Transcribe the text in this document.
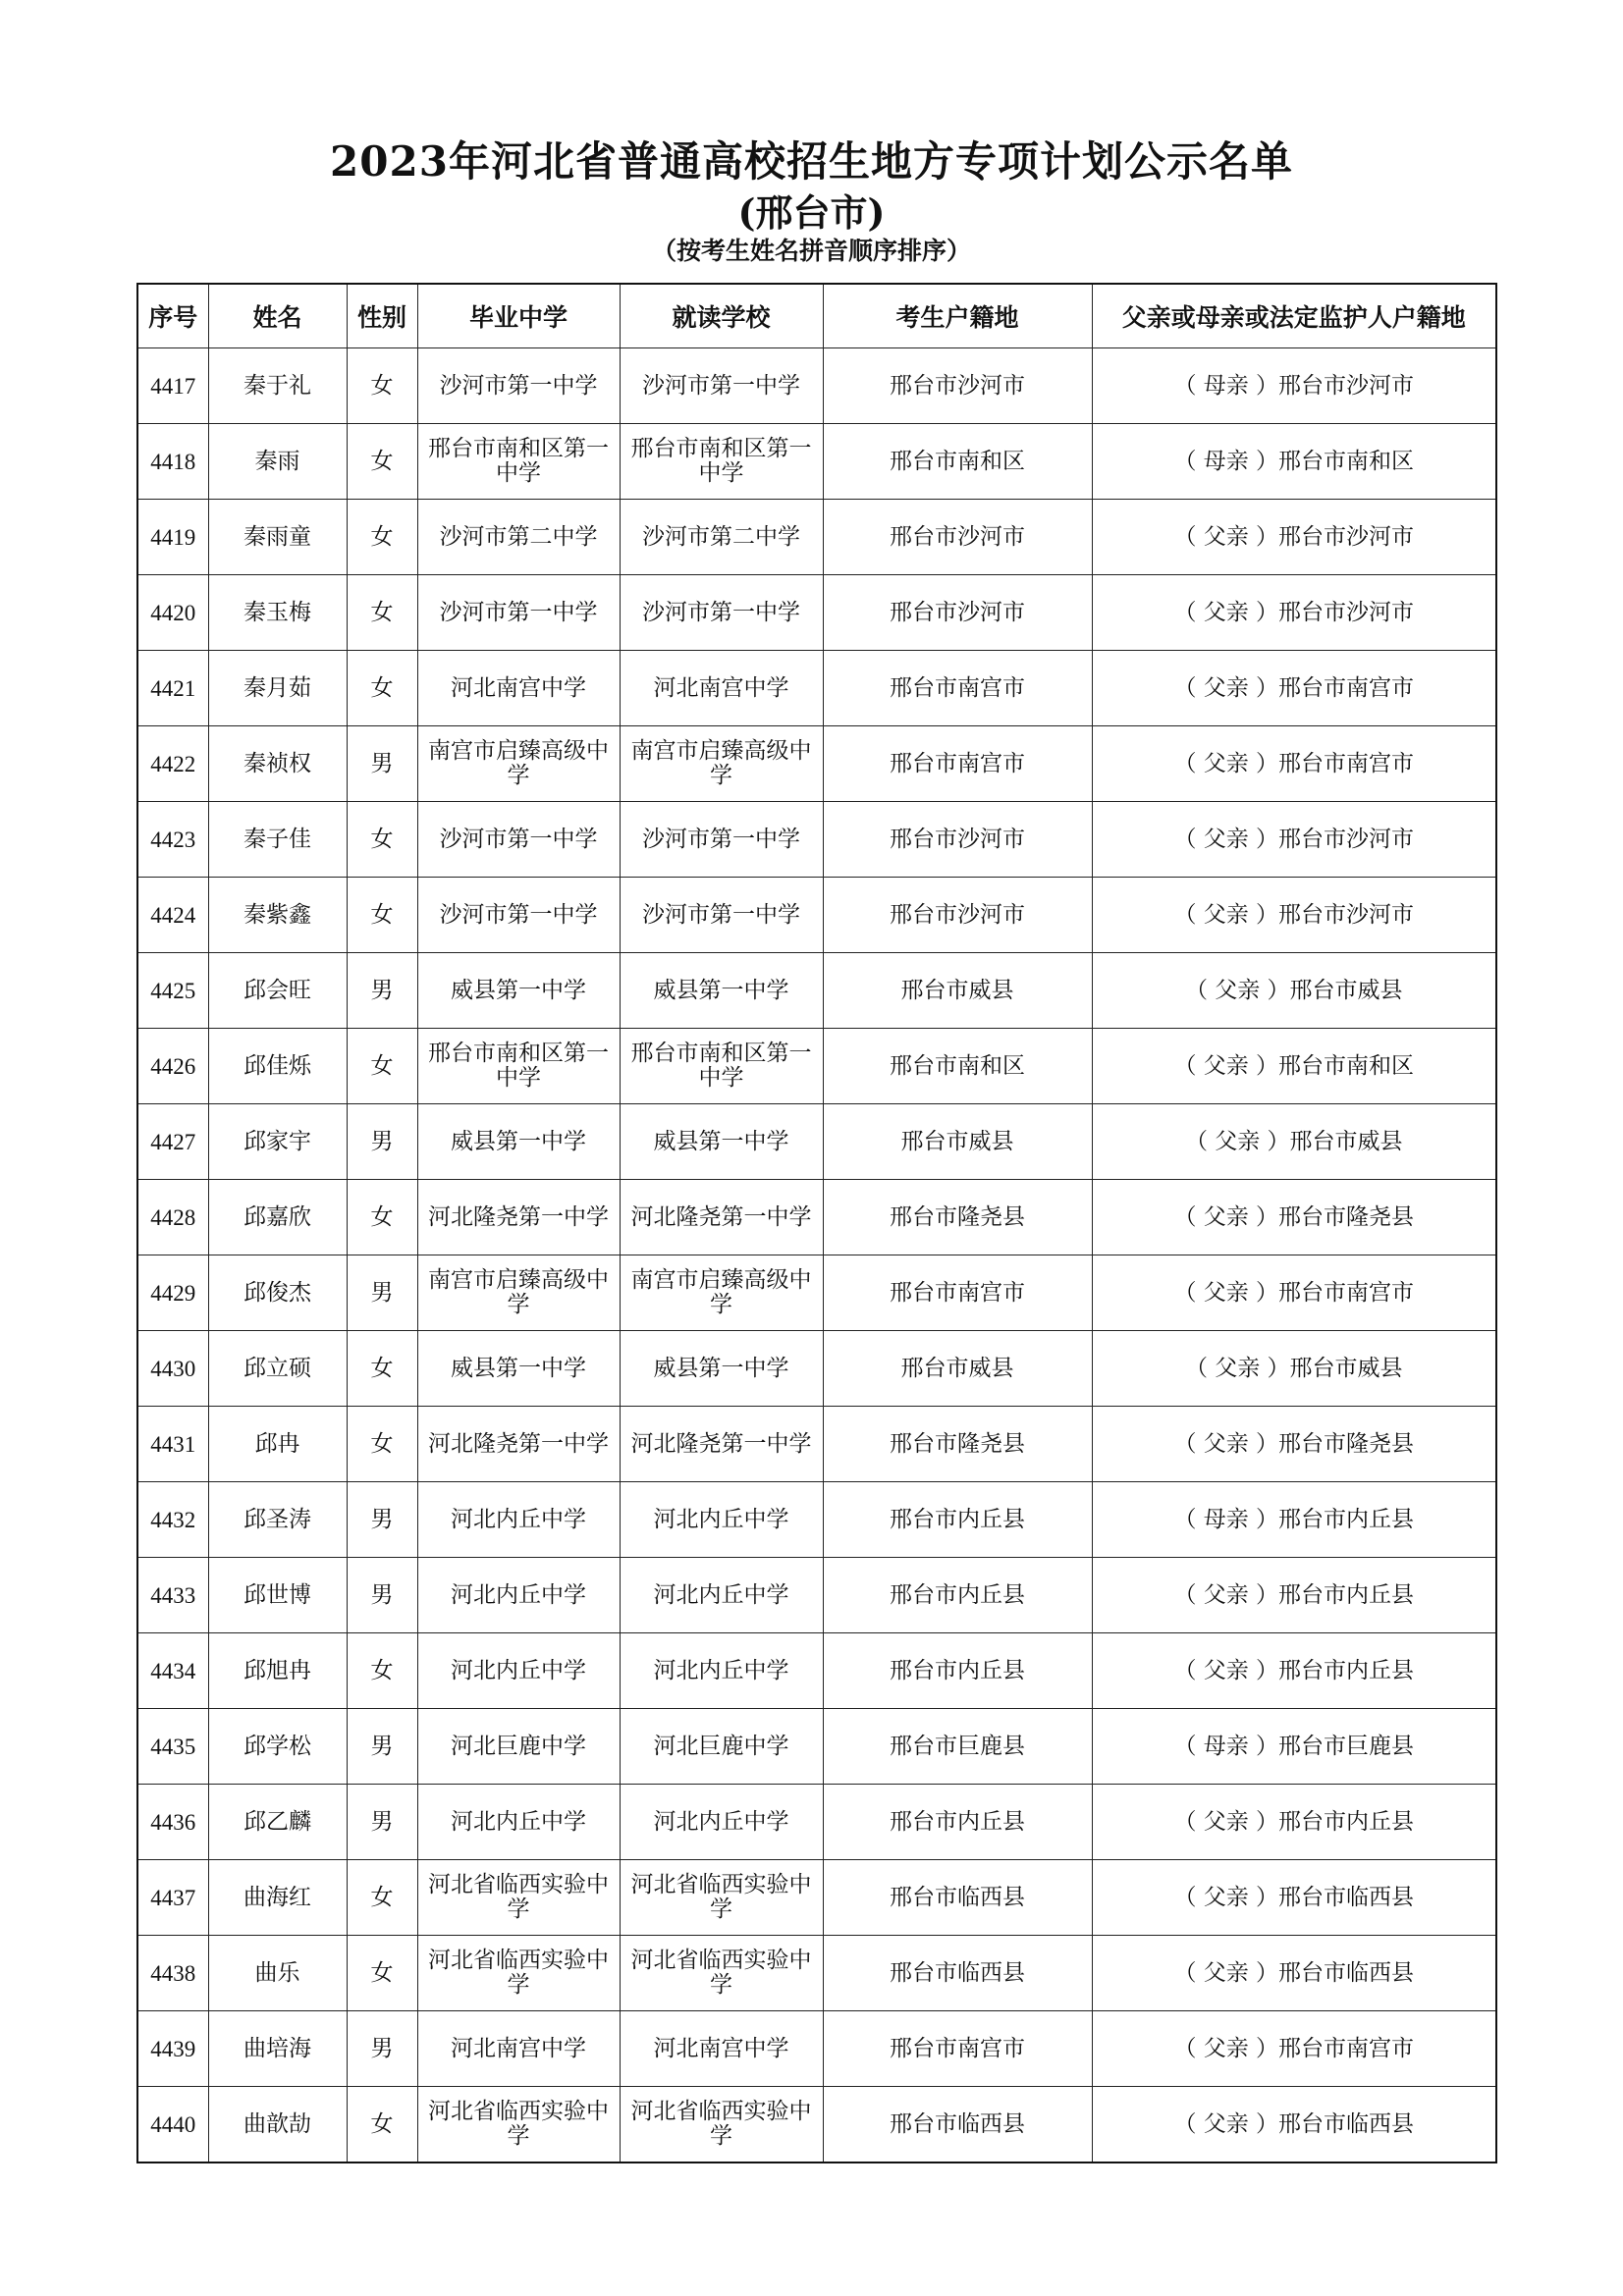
2023年河北省普通高校招生地方专项计划公示名单
(邢台市)
（按考生姓名拼音顺序排序）
序号	姓名	性别	毕业中学	就读学校	考生户籍地	父亲或母亲或法定监护人户籍地
4417	秦于礼	女	沙河市第一中学	沙河市第一中学	邢台市沙河市	（ 母亲 ）邢台市沙河市
4418	秦雨	女	邢台市南和区第一中学	邢台市南和区第一中学	邢台市南和区	（ 母亲 ）邢台市南和区
4419	秦雨童	女	沙河市第二中学	沙河市第二中学	邢台市沙河市	（ 父亲 ）邢台市沙河市
4420	秦玉梅	女	沙河市第一中学	沙河市第一中学	邢台市沙河市	（ 父亲 ）邢台市沙河市
4421	秦月茹	女	河北南宫中学	河北南宫中学	邢台市南宫市	（ 父亲 ）邢台市南宫市
4422	秦祯权	男	南宫市启臻高级中学	南宫市启臻高级中学	邢台市南宫市	（ 父亲 ）邢台市南宫市
4423	秦子佳	女	沙河市第一中学	沙河市第一中学	邢台市沙河市	（ 父亲 ）邢台市沙河市
4424	秦紫鑫	女	沙河市第一中学	沙河市第一中学	邢台市沙河市	（ 父亲 ）邢台市沙河市
4425	邱会旺	男	威县第一中学	威县第一中学	邢台市威县	（ 父亲 ）邢台市威县
4426	邱佳烁	女	邢台市南和区第一中学	邢台市南和区第一中学	邢台市南和区	（ 父亲 ）邢台市南和区
4427	邱家宇	男	威县第一中学	威县第一中学	邢台市威县	（ 父亲 ）邢台市威县
4428	邱嘉欣	女	河北隆尧第一中学	河北隆尧第一中学	邢台市隆尧县	（ 父亲 ）邢台市隆尧县
4429	邱俊杰	男	南宫市启臻高级中学	南宫市启臻高级中学	邢台市南宫市	（ 父亲 ）邢台市南宫市
4430	邱立硕	女	威县第一中学	威县第一中学	邢台市威县	（ 父亲 ）邢台市威县
4431	邱冉	女	河北隆尧第一中学	河北隆尧第一中学	邢台市隆尧县	（ 父亲 ）邢台市隆尧县
4432	邱圣涛	男	河北内丘中学	河北内丘中学	邢台市内丘县	（ 母亲 ）邢台市内丘县
4433	邱世博	男	河北内丘中学	河北内丘中学	邢台市内丘县	（ 父亲 ）邢台市内丘县
4434	邱旭冉	女	河北内丘中学	河北内丘中学	邢台市内丘县	（ 父亲 ）邢台市内丘县
4435	邱学松	男	河北巨鹿中学	河北巨鹿中学	邢台市巨鹿县	（ 母亲 ）邢台市巨鹿县
4436	邱乙麟	男	河北内丘中学	河北内丘中学	邢台市内丘县	（ 父亲 ）邢台市内丘县
4437	曲海红	女	河北省临西实验中学	河北省临西实验中学	邢台市临西县	（ 父亲 ）邢台市临西县
4438	曲乐	女	河北省临西实验中学	河北省临西实验中学	邢台市临西县	（ 父亲 ）邢台市临西县
4439	曲培海	男	河北南宫中学	河北南宫中学	邢台市南宫市	（ 父亲 ）邢台市南宫市
4440	曲歆劼	女	河北省临西实验中学	河北省临西实验中学	邢台市临西县	（ 父亲 ）邢台市临西县
